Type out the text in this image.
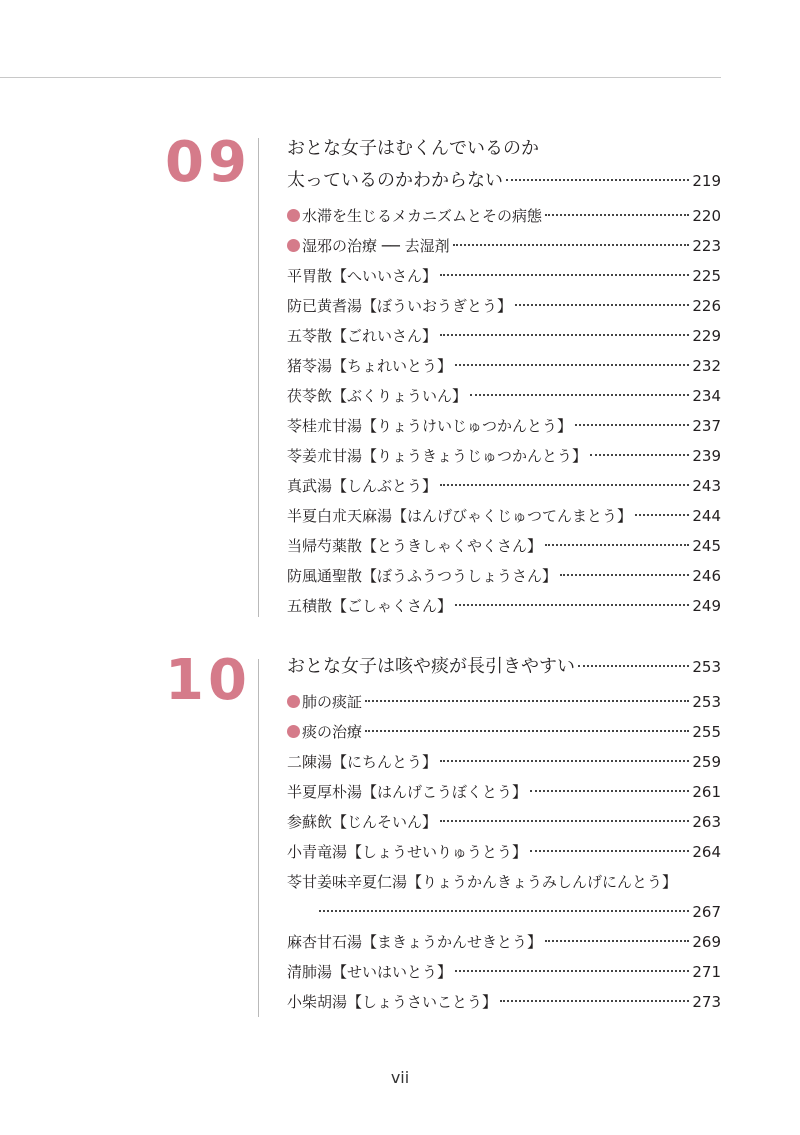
09 おとな女子はむくんでいるのか
太っているのかわからない	219
水滞を生じるメカニズムとその病態	220
湿邪の治療 ── 去湿剤	223
平胃散【へいいさん】	225
防已黄耆湯【ぼういおうぎとう】	226
五苓散【ごれいさん】	229
猪苓湯【ちょれいとう】	232
茯苓飲【ぶくりょういん】	234
苓桂朮甘湯【りょうけいじゅつかんとう】	237
苓姜朮甘湯【りょうきょうじゅつかんとう】	239
真武湯【しんぶとう】	243
半夏白朮天麻湯【はんげびゃくじゅつてんまとう】	244
当帰芍薬散【とうきしゃくやくさん】	245
防風通聖散【ぼうふうつうしょうさん】	246
五積散【ごしゃくさん】	249
10 おとな女子は咳や痰が長引きやすい	253
肺の痰証	253
痰の治療	255
二陳湯【にちんとう】	259
半夏厚朴湯【はんげこうぼくとう】	261
参蘇飲【じんそいん】	263
小青竜湯【しょうせいりゅうとう】	264
苓甘姜味辛夏仁湯【りょうかんきょうみしんげにんとう】
267
麻杏甘石湯【まきょうかんせきとう】	269
清肺湯【せいはいとう】	271
小柴胡湯【しょうさいことう】	273
vii
